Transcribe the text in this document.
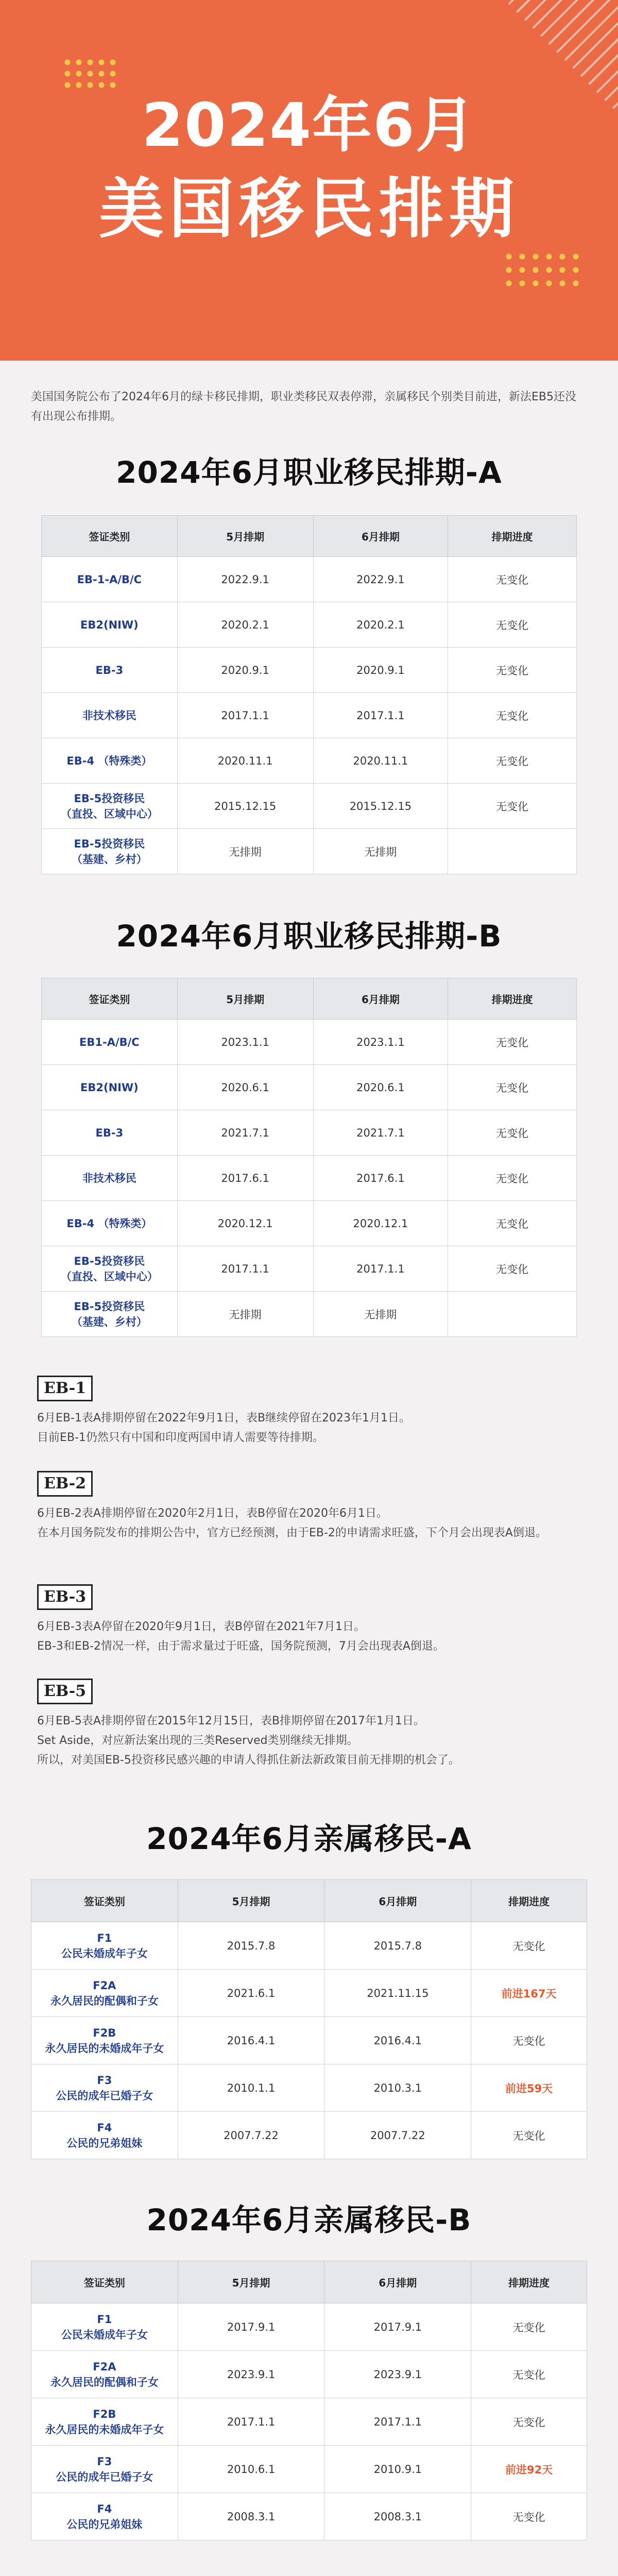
2024年6月
美国移民排期
美国国务院公布了2024年6月的绿卡移民排期，职业类移民双表停滞，亲属移民个别类目前进，新法EB5还没有出现公布排期。
2024年6月职业移民排期-A
签证类别	5月排期	6月排期	排期进度
EB-1-A/B/C	2022.9.1	2022.9.1	无变化
EB2(NIW)	2020.2.1	2020.2.1	无变化
EB-3	2020.9.1	2020.9.1	无变化
非技术移民	2017.1.1	2017.1.1	无变化
EB-4 （特殊类）	2020.11.1	2020.11.1	无变化
EB-5投资移民
（直投、区域中心）	2015.12.15	2015.12.15	无变化
EB-5投资移民
（基建、乡村）	无排期	无排期	
2024年6月职业移民排期-B
签证类别	5月排期	6月排期	排期进度
EB1-A/B/C	2023.1.1	2023.1.1	无变化
EB2(NIW)	2020.6.1	2020.6.1	无变化
EB-3	2021.7.1	2021.7.1	无变化
非技术移民	2017.6.1	2017.6.1	无变化
EB-4 （特殊类）	2020.12.1	2020.12.1	无变化
EB-5投资移民
（直投、区域中心）	2017.1.1	2017.1.1	无变化
EB-5投资移民
（基建、乡村）	无排期	无排期	
EB-1

6月EB-1表A排期停留在2022年9月1日，表B继续停留在2023年1月1日。

目前EB-1仍然只有中国和印度两国申请人需要等待排期。

EB-2

6月EB-2表A排期停留在2020年2月1日，表B停留在2020年6月1日。

在本月国务院发布的排期公告中，官方已经预测，由于EB-2的申请需求旺盛，下个月会出现表A倒退。

EB-3

6月EB-3表A停留在2020年9月1日，表B停留在2021年7月1日。

EB-3和EB-2情况一样，由于需求量过于旺盛，国务院预测，7月会出现表A倒退。

EB-5

6月EB-5表A排期停留在2015年12月15日，表B排期停留在2017年1月1日。

Set Aside，对应新法案出现的三类Reserved类别继续无排期。

所以，对美国EB-5投资移民感兴趣的申请人得抓住新法新政策目前无排期的机会了。

2024年6月亲属移民-A
签证类别	5月排期	6月排期	排期进度
F1
公民未婚成年子女	2015.7.8	2015.7.8	无变化
F2A
永久居民的配偶和子女	2021.6.1	2021.11.15	前进167天
F2B
永久居民的未婚成年子女	2016.4.1	2016.4.1	无变化
F3
公民的成年已婚子女	2010.1.1	2010.3.1	前进59天
F4
公民的兄弟姐妹	2007.7.22	2007.7.22	无变化
2024年6月亲属移民-B
签证类别	5月排期	6月排期	排期进度
F1
公民未婚成年子女	2017.9.1	2017.9.1	无变化
F2A
永久居民的配偶和子女	2023.9.1	2023.9.1	无变化
F2B
永久居民的未婚成年子女	2017.1.1	2017.1.1	无变化
F3
公民的成年已婚子女	2010.6.1	2010.9.1	前进92天
F4
公民的兄弟姐妹	2008.3.1	2008.3.1	无变化
